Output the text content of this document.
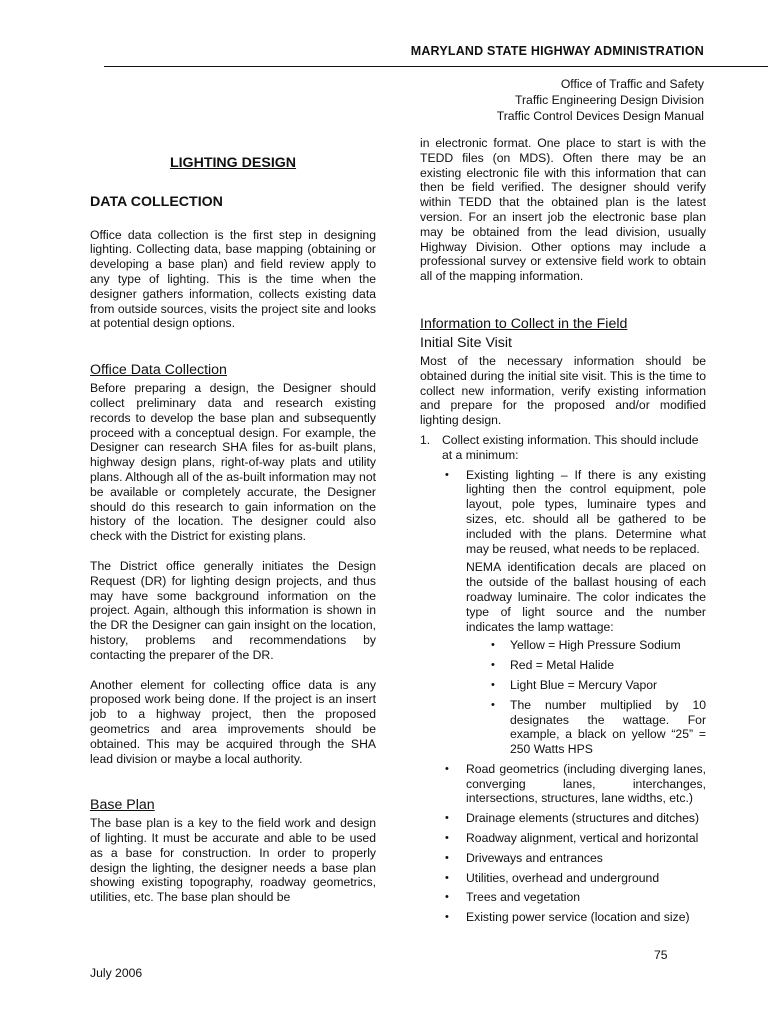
MARYLAND STATE HIGHWAY ADMINISTRATION
Office of Traffic and Safety
Traffic Engineering Design Division
Traffic Control Devices Design Manual
LIGHTING DESIGN
DATA COLLECTION

Office data collection is the first step in designing lighting. Collecting data, base mapping (obtaining or developing a base plan) and field review apply to any type of lighting. This is the time when the designer gathers information, collects existing data from outside sources, visits the project site and looks at potential design options.

Office Data Collection

Before preparing a design, the Designer should collect preliminary data and research existing records to develop the base plan and subsequently proceed with a conceptual design. For example, the Designer can research SHA files for as-built plans, highway design plans, right-of-way plats and utility plans. Although all of the as-built information may not be available or completely accurate, the Designer should do this research to gain information on the history of the location. The designer could also check with the District for existing plans.

The District office generally initiates the Design Request (DR) for lighting design projects, and thus may have some background information on the project. Again, although this information is shown in the DR the Designer can gain insight on the location, history, problems and recommendations by contacting the preparer of the DR.

Another element for collecting office data is any proposed work being done. If the project is an insert job to a highway project, then the proposed geometrics and area improvements should be obtained. This may be acquired through the SHA lead division or maybe a local authority.

Base Plan

The base plan is a key to the field work and design of lighting. It must be accurate and able to be used as a base for construction. In order to properly design the lighting, the designer needs a base plan showing existing topography, roadway geometrics, utilities, etc. The base plan should be

in electronic format. One place to start is with the TEDD files (on MDS). Often there may be an existing electronic file with this information that can then be field verified. The designer should verify within TEDD that the obtained plan is the latest version. For an insert job the electronic base plan may be obtained from the lead division, usually Highway Division. Other options may include a professional survey or extensive field work to obtain all of the mapping information.

Information to Collect in the Field
Initial Site Visit

Most of the necessary information should be obtained during the initial site visit. This is the time to collect new information, verify existing information and prepare for the proposed and/or modified lighting design.

1. Collect existing information. This should include at a minimum:
• Existing lighting – If there is any existing lighting then the control equipment, pole layout, pole types, luminaire types and sizes, etc. should all be gathered to be included with the plans. Determine what may be reused, what needs to be replaced.

NEMA identification decals are placed on the outside of the ballast housing of each roadway luminaire. The color indicates the type of light source and the number indicates the lamp wattage:

• Yellow = High Pressure Sodium
• Red = Metal Halide
• Light Blue = Mercury Vapor
• The number multiplied by 10 designates the wattage. For example, a black on yellow “25” = 250 Watts HPS
• Road geometrics (including diverging lanes, converging lanes, interchanges, intersections, structures, lane widths, etc.)
• Drainage elements (structures and ditches)
• Roadway alignment, vertical and horizontal
• Driveways and entrances
• Utilities, overhead and underground
• Trees and vegetation
• Existing power service (location and size)
75
July 2006
